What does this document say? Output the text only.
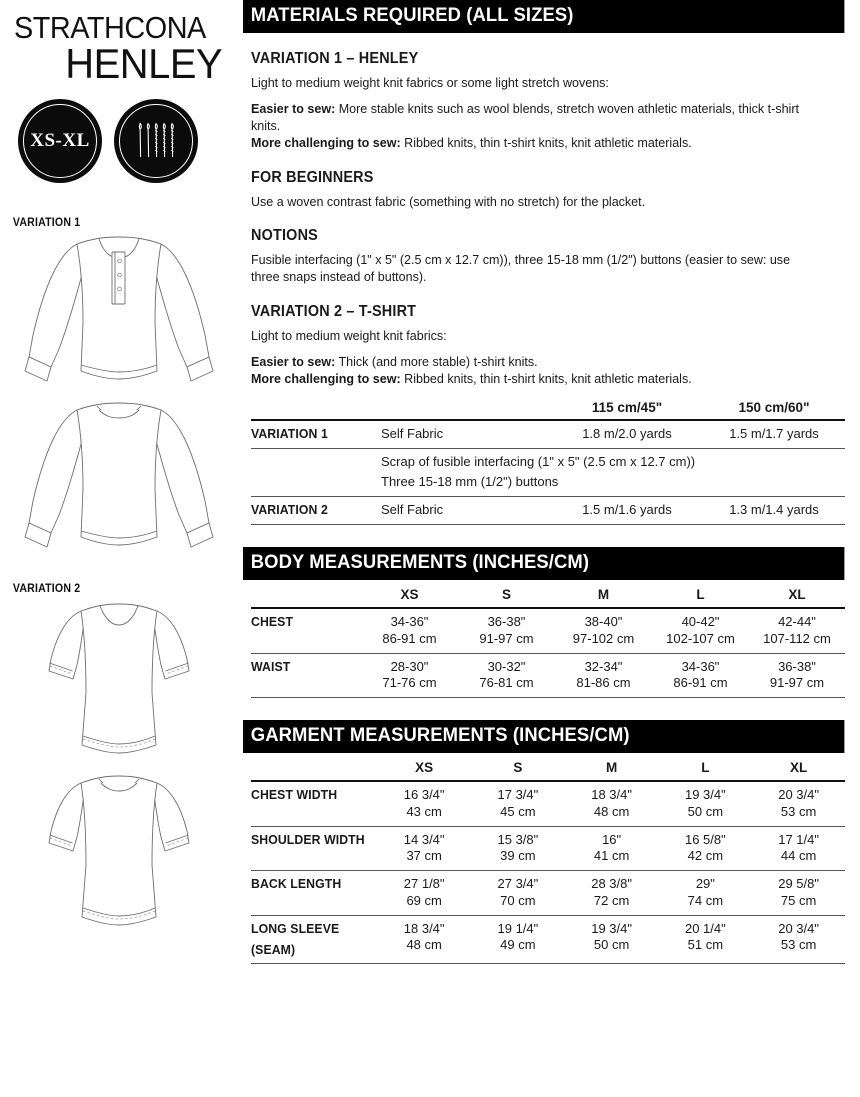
STRATHCONA
HENLEY
XS-XL
VARIATION 1
VARIATION 2
MATERIALS REQUIRED (ALL SIZES)
VARIATION 1 – HENLEY

Light to medium weight knit fabrics or some light stretch wovens:

Easier to sew: More stable knits such as wool blends, stretch woven athletic materials, thick t-shirt knits.
More challenging to sew: Ribbed knits, thin t-shirt knits, knit athletic materials.

FOR BEGINNERS

Use a woven contrast fabric (something with no stretch) for the placket.

NOTIONS

Fusible interfacing (1" x 5" (2.5 cm x 12.7 cm)), three 15-18 mm (1/2") buttons (easier to sew: use three snaps instead of buttons).

VARIATION 2 – T-SHIRT

Light to medium weight knit fabrics:

Easier to sew: Thick (and more stable) t-shirt knits.
More challenging to sew: Ribbed knits, thin t-shirt knits, knit athletic materials.

		115 cm/45"	150 cm/60"

VARIATION 1	Self Fabric	1.8 m/2.0 yards	1.5 m/1.7 yards
	Scrap of fusible interfacing (1" x 5" (2.5 cm x 12.7 cm))		
	Three 15-18 mm (1/2") buttons		

VARIATION 2	Self Fabric	1.5 m/1.6 yards	1.3 m/1.4 yards

BODY MEASUREMENTS (INCHES/CM)
	XS	S	M	L	XL

CHEST	34-36"
86-91 cm	36-38"
91-97 cm	38-40"
97-102 cm	40-42"
102-107 cm	42-44"
107-112 cm

WAIST	28-30"
71-76 cm	30-32"
76-81 cm	32-34"
81-86 cm	34-36"
86-91 cm	36-38"
91-97 cm

GARMENT MEASUREMENTS (INCHES/CM)
	XS	S	M	L	XL

CHEST WIDTH	16 3/4"
43 cm	17 3/4"
45 cm	18 3/4"
48 cm	19 3/4"
50 cm	20 3/4"
53 cm

SHOULDER WIDTH	14 3/4"
37 cm	15 3/8"
39 cm	16"
41 cm	16 5/8"
42 cm	17 1/4"
44 cm

BACK LENGTH	27 1/8"
69 cm	27 3/4"
70 cm	28 3/8"
72 cm	29"
74 cm	29 5/8"
75 cm

LONG SLEEVE
(SEAM)	18 3/4"
48 cm	19 1/4"
49 cm	19 3/4"
50 cm	20 1/4"
51 cm	20 3/4"
53 cm
